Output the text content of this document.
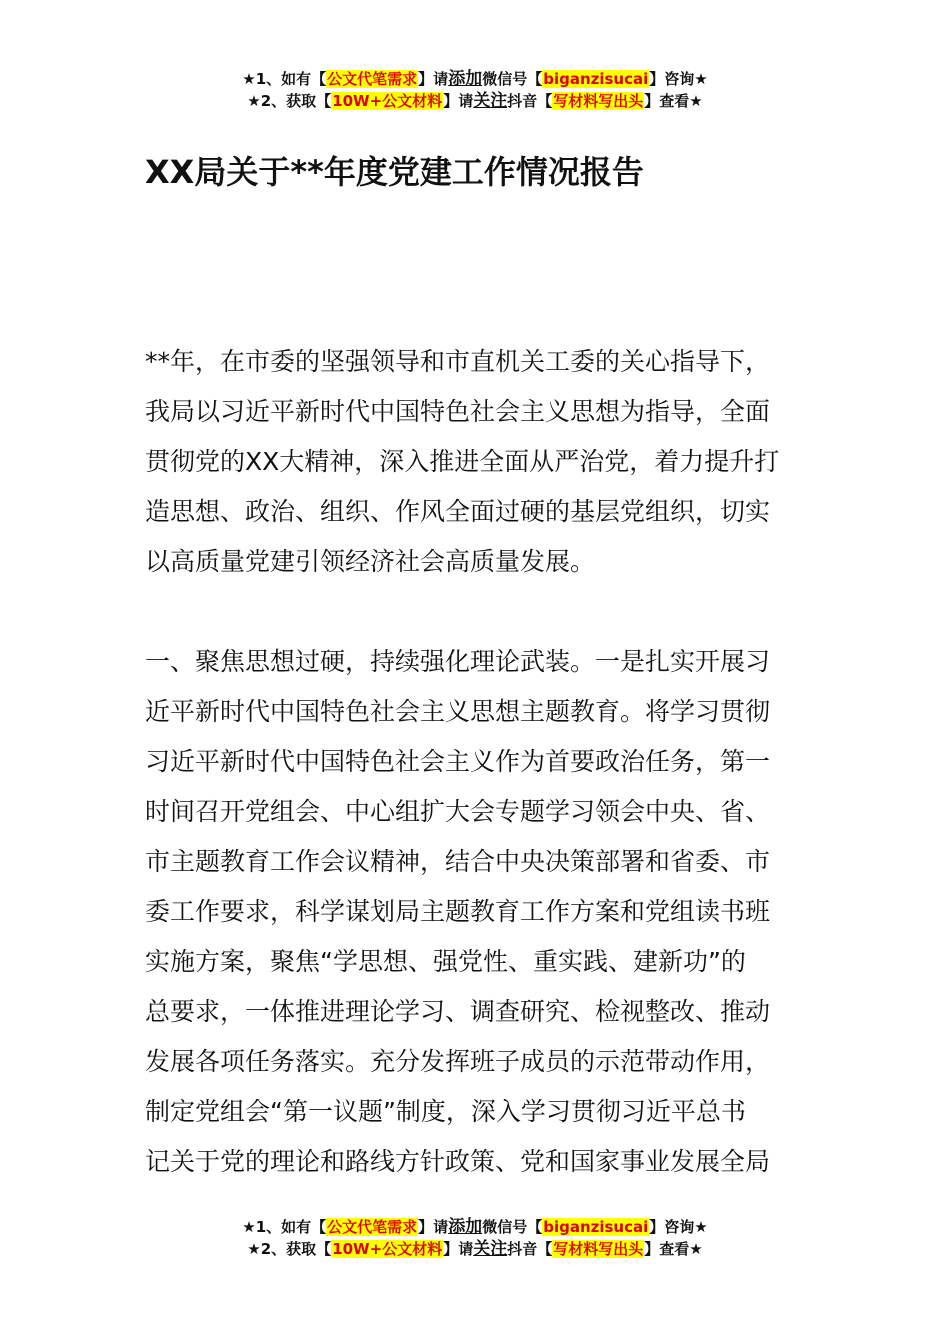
★1、如有【公文代笔需求】请添加微信号【biganzisucai】咨询★
★2、获取【10W+公文材料】请关注抖音【写材料写出头】查看★
XX局关于**年度党建工作情况报告
**年，在市委的坚强领导和市直机关工委的关心指导下，
我局以习近平新时代中国特色社会主义思想为指导，全面
贯彻党的XX大精神，深入推进全面从严治党，着力提升打
造思想、政治、组织、作风全面过硬的基层党组织，切实
以高质量党建引领经济社会高质量发展。
一、聚焦思想过硬，持续强化理论武装。一是扎实开展习
近平新时代中国特色社会主义思想主题教育。将学习贯彻
习近平新时代中国特色社会主义作为首要政治任务，第一
时间召开党组会、中心组扩大会专题学习领会中央、省、
市主题教育工作会议精神，结合中央决策部署和省委、市
委工作要求，科学谋划局主题教育工作方案和党组读书班
实施方案，聚焦“学思想、强党性、重实践、建新功”的
总要求，一体推进理论学习、调查研究、检视整改、推动
发展各项任务落实。充分发挥班子成员的示范带动作用，
制定党组会“第一议题”制度，深入学习贯彻习近平总书
记关于党的理论和路线方针政策、党和国家事业发展全局
★1、如有【公文代笔需求】请添加微信号【biganzisucai】咨询★
★2、获取【10W+公文材料】请关注抖音【写材料写出头】查看★
